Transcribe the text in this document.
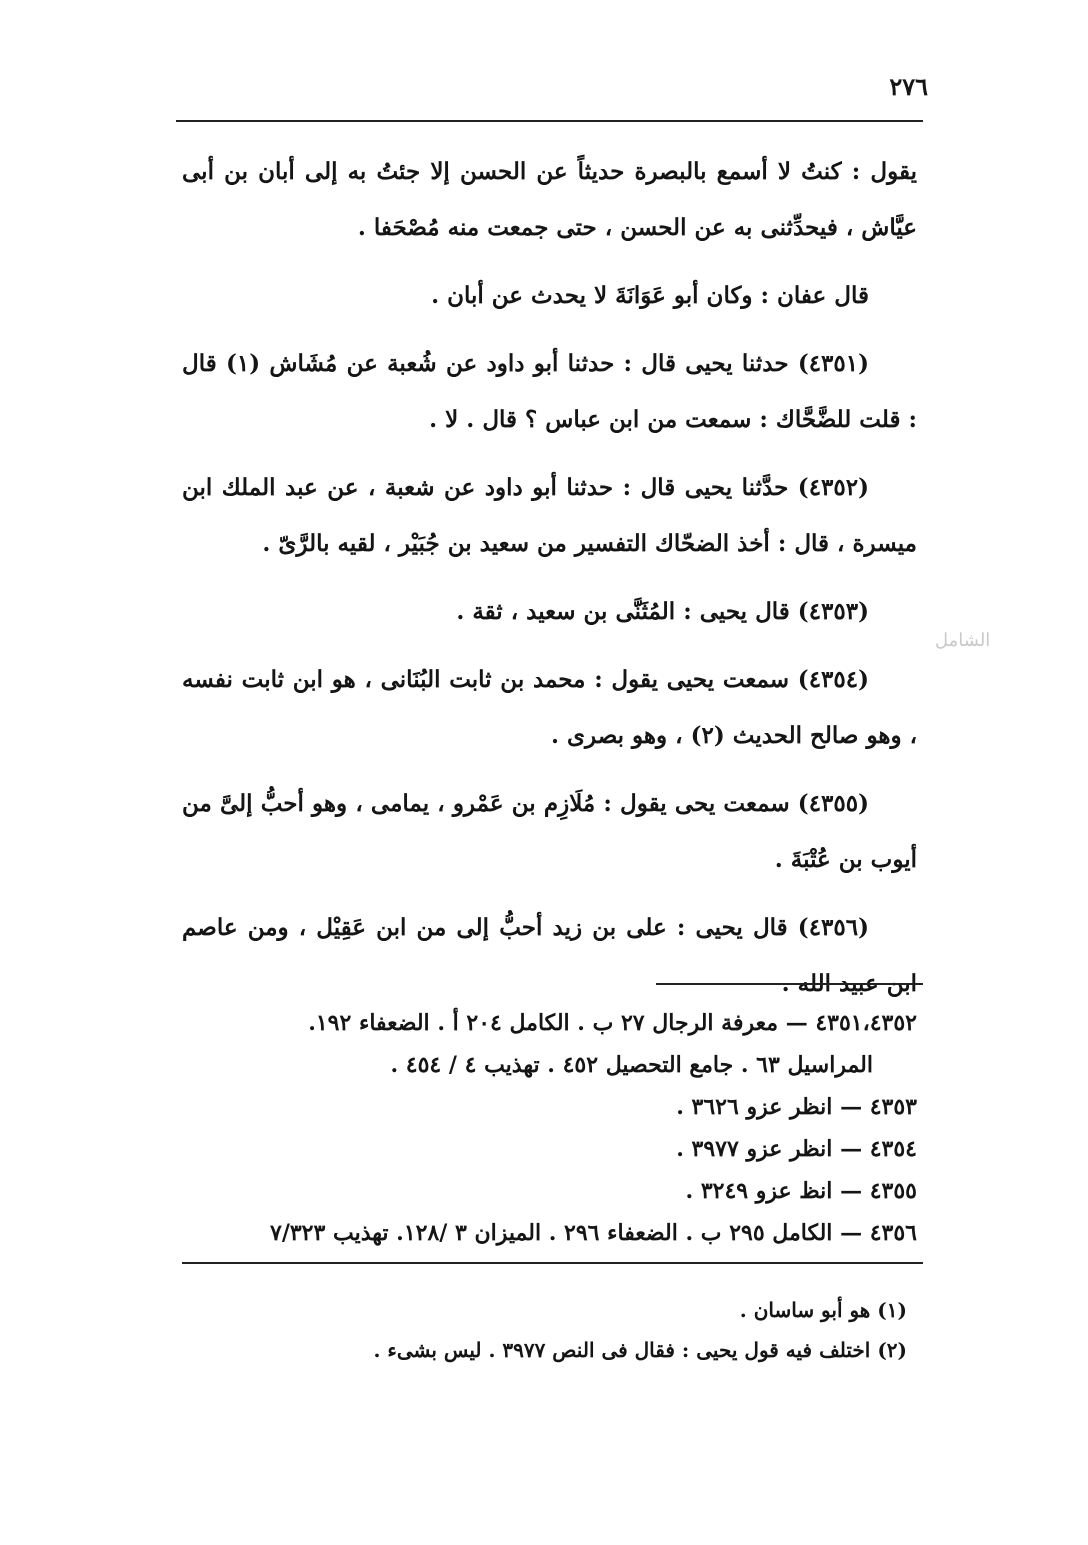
٢٧٦

يقول : كنتُ لا أسمع بالبصرة حديثاً عن الحسن إلا جئتُ به إلى أبان بن أبى عيَّاش ، فيحدِّثنى به عن الحسن ، حتى جمعت منه مُصْحَفا .

قال عفان : وكان أبو عَوَانَةَ لا يحدث عن أبان .

(٤٣٥١) حدثنا يحيى قال : حدثنا أبو داود عن شُعبة عن مُشَاش (١) قال : قلت للضَّحَّاك : سمعت من ابن عباس ؟ قال . لا .

(٤٣٥٢) حدَّثنا يحيى قال : حدثنا أبو داود عن شعبة ، عن عبد الملك ابن ميسرة ، قال : أخذ الضحّاك التفسير من سعيد بن جُبَيْر ، لقيه بالرَّىّ .

(٤٣٥٣) قال يحيى : المُثَنَّى بن سعيد ، ثقة .

(٤٣٥٤) سمعت يحيى يقول : محمد بن ثابت البُنَانى ، هو ابن ثابت نفسه ، وهو صالح الحديث (٢) ، وهو بصرى .

(٤٣٥٥) سمعت يحى يقول : مُلَازِم بن عَمْرو ، يمامى ، وهو أحبُّ إلىَّ من أيوب بن عُتْبَةَ .

(٤٣٥٦) قال يحيى : على بن زيد أحبُّ إلى من ابن عَقِيْل ، ومن عاصم ابن عبيد الله .

٤٣٥١،٤٣٥٢ — معرفة الرجال ٢٧ ب . الكامل ٢٠٤ أ . الضعفاء ١٩٢.

المراسيل ٦٣ . جامع التحصيل ٤٥٢ . تهذيب ٤ / ٤٥٤ .

٤٣٥٣ — انظر عزو ٣٦٢٦ .

٤٣٥٤ — انظر عزو ٣٩٧٧ .

٤٣٥٥ — انظ عزو ٣٢٤٩ .

٤٣٥٦ — الكامل ٢٩٥ ب . الضعفاء ٢٩٦ . الميزان ٣ /١٢٨. تهذيب ٧/٣٢٣

(١) هو أبو ساسان .

(٢) اختلف فيه قول يحيى : فقال فى النص ٣٩٧٧ . ليس بشىء .

ﺍﻟﺸﺎﻣﻞ
